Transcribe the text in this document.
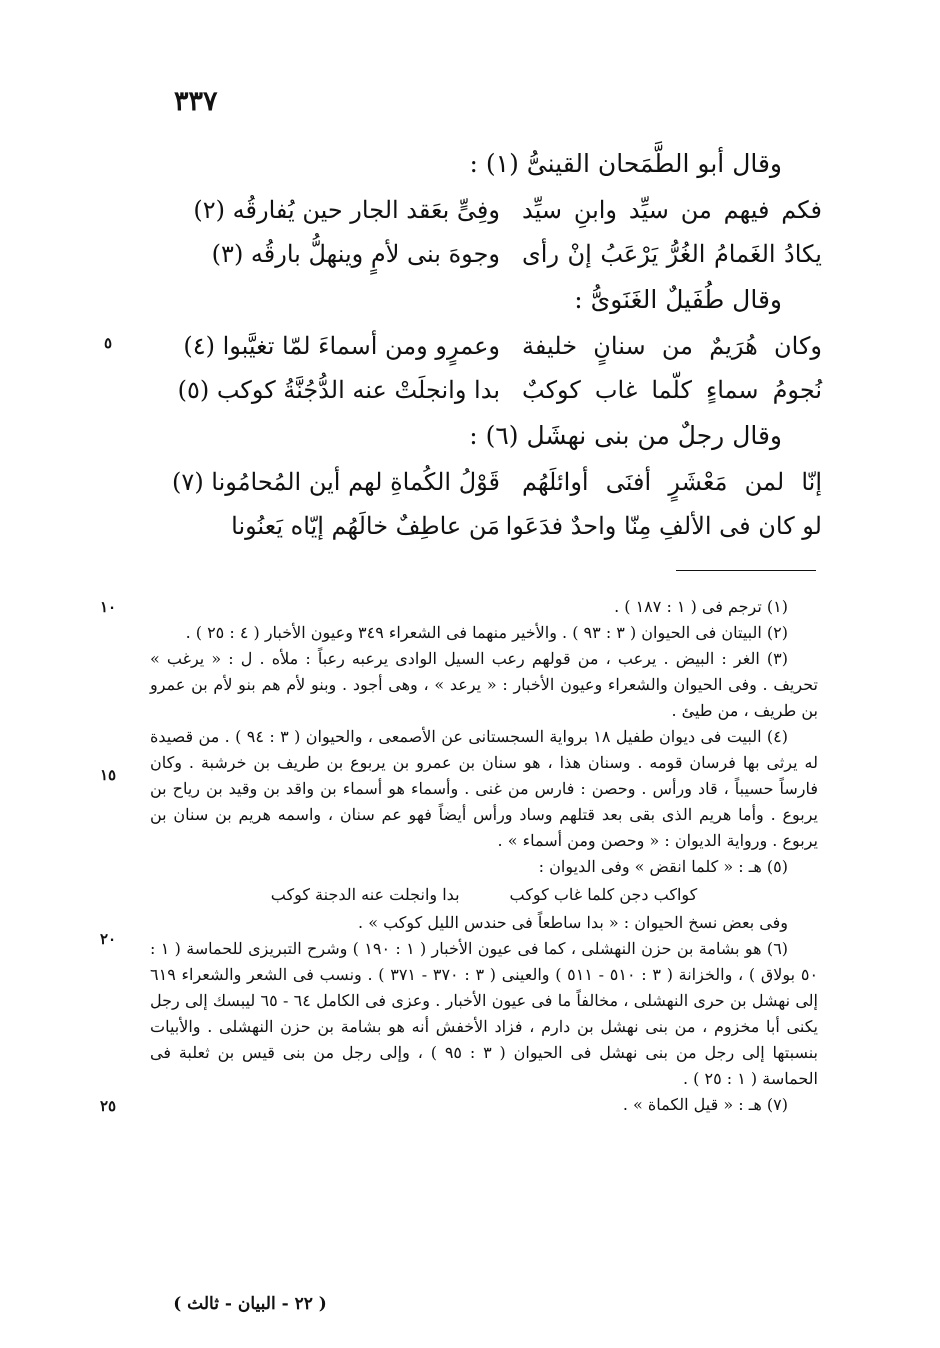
٣٣٧
وقال أبو الطَّمَحان القينىُّ (١) :
فكم فيهم من سيِّد وابنِ سيِّد
وفِىٍّ بعَقد الجار حين يُفارقُه (٢)
يكادُ الغَمامُ الغُرُّ يَرْعَبُ إنْ رأى
وجوهَ بنى لأمٍ وينهلُّ بارقُه (٣)
وقال طُفَيلٌ الغَنَوىُّ :
وكان هُرَيمٌ من سنانٍ خليفة
وعمرٍو ومن أسماءَ لمّا تغيَّبوا (٤)
نُجومُ سماءٍ كلّما غاب كوكبٌ
بدا وانجلَتْ عنه الدُّجُنَّةُ كوكب (٥)
وقال رجلٌ من بنى نهشَل (٦) :
إنّا لمن مَعْشَرٍ أفنَى أوائلَهُم
قَوْلُ الكُماةِ لهم أين المُحامُونا (٧)
لو كان فى الألفِ مِنّا واحدٌ فدَعَوا
مَن عاطِفٌ خالَهُم إيّاه يَعنُونا

(١) ترجم فى ( ١ : ١٨٧ ) .

(٢) البيتان فى الحيوان ( ٣ : ٩٣ ) . والأخير منهما فى الشعراء ٣٤٩ وعيون الأخبار ( ٤ : ٢٥ ) .

(٣) الغر : البيض . يرعب ، من قولهم رعب السيل الوادى يرعبه رعباً : ملأه . ل : « يرغب » تحريف . وفى الحيوان والشعراء وعيون الأخبار : « يرعد » ، وهى أجود . وبنو لأم هم بنو لأم بن عمرو بن طريف ، من طيئ .

(٤) البيت فى ديوان طفيل ١٨ برواية السجستانى عن الأصمعى ، والحيوان ( ٣ : ٩٤ ) . من قصيدة له يرثى بها فرسان قومه . وسنان هذا ، هو سنان بن عمرو بن يربوع بن طريف بن خرشبة . وكان فارساً حسيباً ، قاد ورأس . وحصن : فارس من غنى . وأسماء هو أسماء بن واقد بن وقيد بن رياح بن يربوع . وأما هريم الذى بقى بعد قتلهم وساد ورأس أيضاً فهو عم سنان ، واسمه هريم بن سنان بن يربوع . ورواية الديوان : « وحصن ومن أسماء » .

(٥) هـ : « كلما انقض » وفى الديوان :

كواكب دجن كلما غاب كوكب
بدا وانجلت عنه الدجنة كوكب

وفى بعض نسخ الحيوان : « بدا ساطعاً فى حندس الليل كوكب » .

(٦) هو بشامة بن حزن النهشلى ، كما فى عيون الأخبار ( ١ : ١٩٠ ) وشرح التبريزى للحماسة ( ١ : ٥٠ بولاق ) ، والخزانة ( ٣ : ٥١٠ - ٥١١ ) والعينى ( ٣ : ٣٧٠ - ٣٧١ ) . ونسب فى الشعر والشعراء ٦١٩ إلى نهشل بن حرى النهشلى ، مخالفاً ما فى عيون الأخبار . وعزى فى الكامل ٦٤ - ٦٥ ليبسك إلى رجل يكنى أبا مخزوم ، من بنى نهشل بن دارم ، فزاد الأخفش أنه هو بشامة بن حزن النهشلى . والأبيات بنسبتها إلى رجل من بنى نهشل فى الحيوان ( ٣ : ٩٥ ) ، وإلى رجل من بنى قيس بن ثعلبة فى الحماسة ( ١ : ٢٥ ) .

(٧) هـ : « قيل الكماة » .

٥
١٠
١٥
٢٠
٢٥
( ٢٢ - البيان - ثالث )
